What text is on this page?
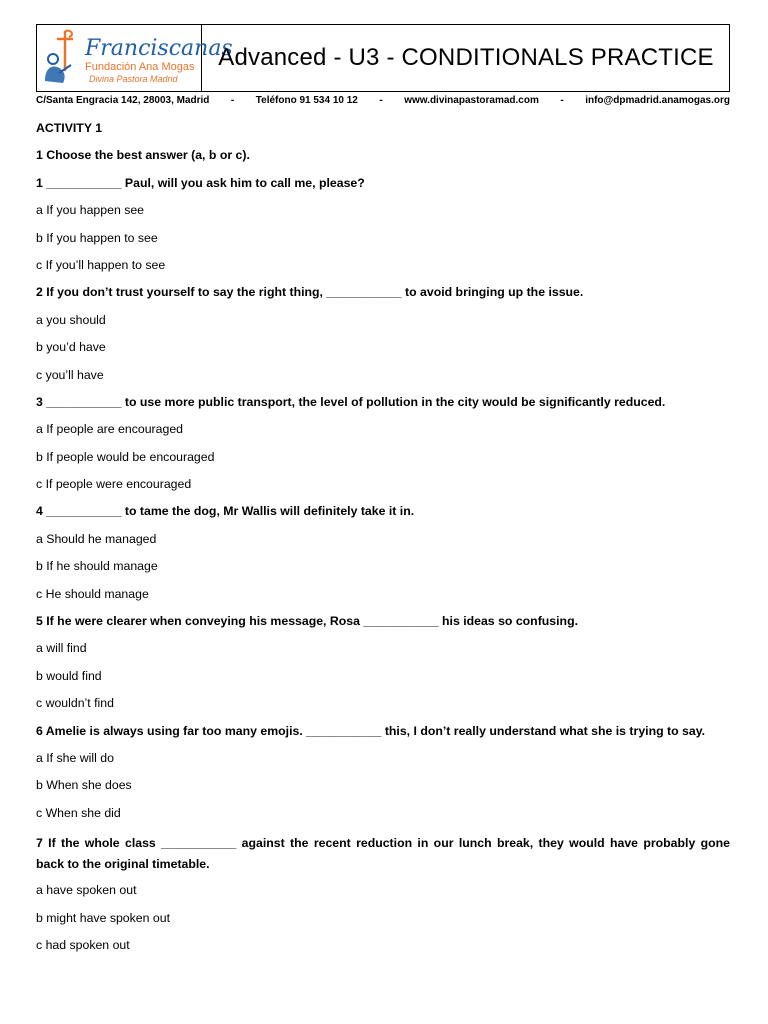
Franciscanas
Fundación Ana Mogas
Divina Pastora Madrid
Advanced - U3 - CONDITIONALS PRACTICE
C/Santa Engracia 142, 28003, Madrid - Teléfono 91 534 10 12 - www.divinapastoramad.com - info@dpmadrid.anamogas.org
ACTIVITY 1
1 Choose the best answer (a, b or c).
1 ___________ Paul, will you ask him to call me, please?
a If you happen see
b If you happen to see
c If you’ll happen to see
2 If you don’t trust yourself to say the right thing, ___________ to avoid bringing up the issue.
a you should
b you’d have
c you’ll have
3 ___________ to use more public transport, the level of pollution in the city would be significantly reduced.
a If people are encouraged
b If people would be encouraged
c If people were encouraged
4 ___________ to tame the dog, Mr Wallis will definitely take it in.
a Should he managed
b If he should manage
c He should manage
5 If he were clearer when conveying his message, Rosa ___________ his ideas so confusing.
a will find
b would find
c wouldn’t find
6 Amelie is always using far too many emojis. ___________ this, I don’t really understand what she is trying to say.
a If she will do
b When she does
c When she did
7 If the whole class ___________ against the recent reduction in our lunch break, they would have probably gone
back to the original timetable.
a have spoken out
b might have spoken out
c had spoken out
